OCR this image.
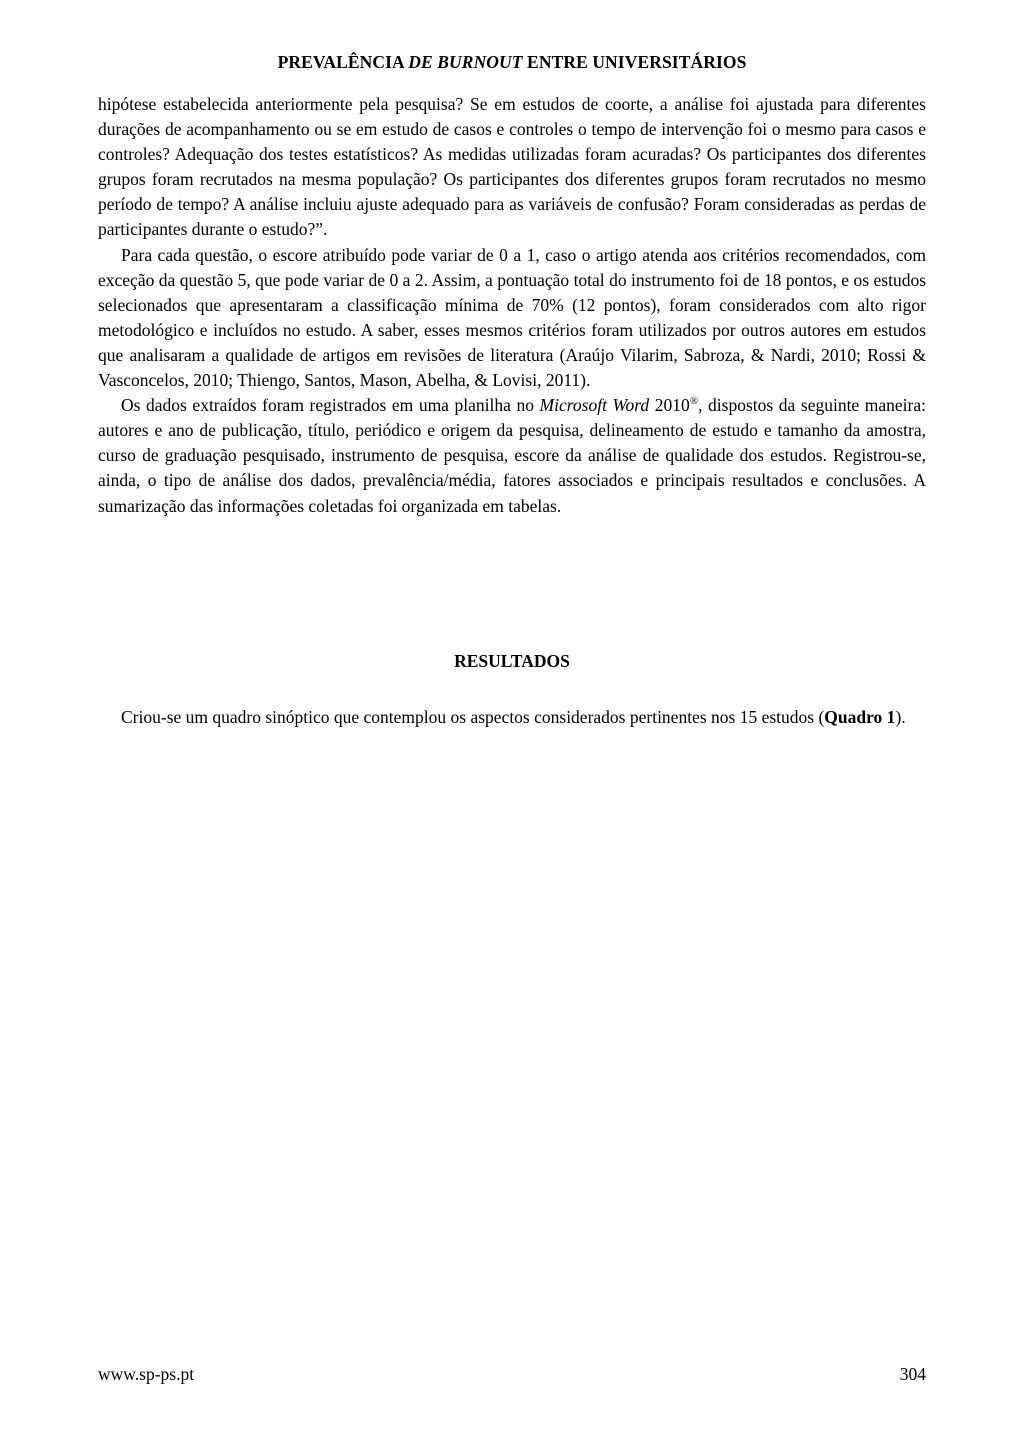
PREVALÊNCIA DE BURNOUT ENTRE UNIVERSITÁRIOS

hipótese estabelecida anteriormente pela pesquisa? Se em estudos de coorte, a análise foi ajustada para diferentes durações de acompanhamento ou se em estudo de casos e controles o tempo de intervenção foi o mesmo para casos e controles? Adequação dos testes estatísticos? As medidas utilizadas foram acuradas? Os participantes dos diferentes grupos foram recrutados na mesma população? Os participantes dos diferentes grupos foram recrutados no mesmo período de tempo? A análise incluiu ajuste adequado para as variáveis de confusão? Foram consideradas as perdas de participantes durante o estudo?”.

Para cada questão, o escore atribuído pode variar de 0 a 1, caso o artigo atenda aos critérios recomendados, com exceção da questão 5, que pode variar de 0 a 2. Assim, a pontuação total do instrumento foi de 18 pontos, e os estudos selecionados que apresentaram a classificação mínima de 70% (12 pontos), foram considerados com alto rigor metodológico e incluídos no estudo. A saber, esses mesmos critérios foram utilizados por outros autores em estudos que analisaram a qualidade de artigos em revisões de literatura (Araújo Vilarim, Sabroza, & Nardi, 2010; Rossi & Vasconcelos, 2010; Thiengo, Santos, Mason, Abelha, & Lovisi, 2011).

Os dados extraídos foram registrados em uma planilha no Microsoft Word 2010®, dispostos da seguinte maneira: autores e ano de publicação, título, periódico e origem da pesquisa, delineamento de estudo e tamanho da amostra, curso de graduação pesquisado, instrumento de pesquisa, escore da análise de qualidade dos estudos. Registrou-se, ainda, o tipo de análise dos dados, prevalência/média, fatores associados e principais resultados e conclusões. A sumarização das informações coletadas foi organizada em tabelas.

RESULTADOS

Criou-se um quadro sinóptico que contemplou os aspectos considerados pertinentes nos 15 estudos (Quadro 1).

www.sp-ps.pt	304
